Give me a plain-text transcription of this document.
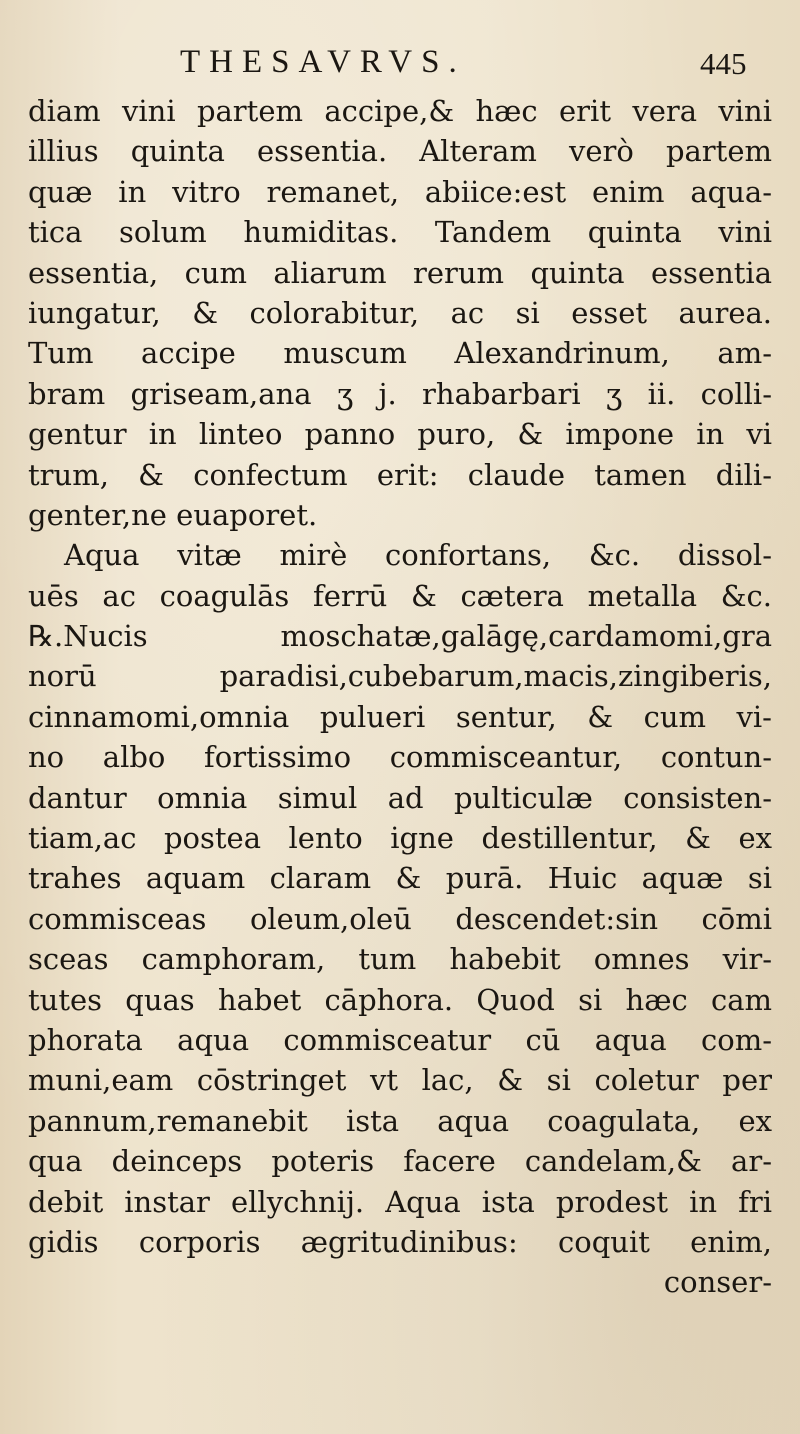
THESAVRVS.	445
diam vini partem accipe,& hæc erit vera vini
illius quinta essentia. Alteram verò partem
quæ in vitro remanet, abiice:est enim aqua-
tica solum humiditas. Tandem quinta vini
essentia, cum aliarum rerum quinta essentia
iungatur, & colorabitur, ac si esset aurea.
Tum accipe muscum Alexandrinum, am-
bram griseam,ana ʒ j. rhabarbari ʒ ii. colli-
gentur in linteo panno puro, & impone in vi
trum, & confectum erit: claude tamen dili-
genter,ne euaporet.
Aqua vitæ mirè confortans, &c. dissol-
uēs ac coagulās ferrū & cætera metalla &c.
℞.Nucis moschatæ,galāgę,cardamomi,gra
norū paradisi,cubebarum,macis,zingiberis,
cinnamomi,omnia pulueri sentur, & cum vi-
no albo fortissimo commisceantur, contun-
dantur omnia simul ad pulticulæ consisten-
tiam,ac postea lento igne destillentur, & ex
trahes aquam claram & purā. Huic aquæ si
commisceas oleum,oleū descendet:sin cōmi
sceas camphoram, tum habebit omnes vir-
tutes quas habet cāphora. Quod si hæc cam
phorata aqua commisceatur cū aqua com-
muni,eam cōstringet vt lac, & si coletur per
pannum,remanebit ista aqua coagulata, ex
qua deinceps poteris facere candelam,& ar-
debit instar ellychnij. Aqua ista prodest in fri
gidis corporis ægritudinibus: coquit enim,
conser-
